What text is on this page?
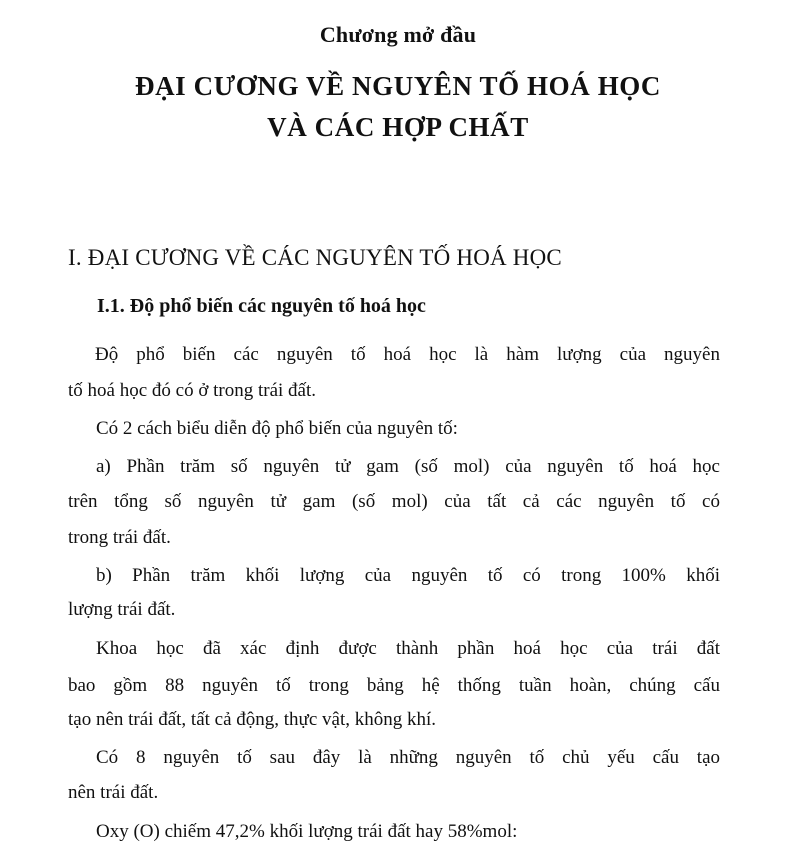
Chương mở đầu
ĐẠI CƯƠNG VỀ NGUYÊN TỐ HOÁ HỌC
VÀ CÁC HỢP CHẤT
I. ĐẠI CƯƠNG VỀ CÁC NGUYÊN TỐ HOÁ HỌC
I.1. Độ phổ biến các nguyên tố hoá học
Độ phổ biến các nguyên tố hoá học là hàm lượng của nguyên
tố hoá học đó có ở trong trái đất.
Có 2 cách biểu diễn độ phổ biến của nguyên tố:
a) Phần trăm số nguyên tử gam (số mol) của nguyên tố hoá học
trên tổng số nguyên tử gam (số mol) của tất cả các nguyên tố có
trong trái đất.
b) Phần trăm khối lượng của nguyên tố có trong 100% khối
lượng trái đất.
Khoa học đã xác định được thành phần hoá học của trái đất
bao gồm 88 nguyên tố trong bảng hệ thống tuần hoàn, chúng cấu
tạo nên trái đất, tất cả động, thực vật, không khí.
Có 8 nguyên tố sau đây là những nguyên tố chủ yếu cấu tạo
nên trái đất.
Oxy (O) chiếm 47,2% khối lượng trái đất hay 58%mol:
